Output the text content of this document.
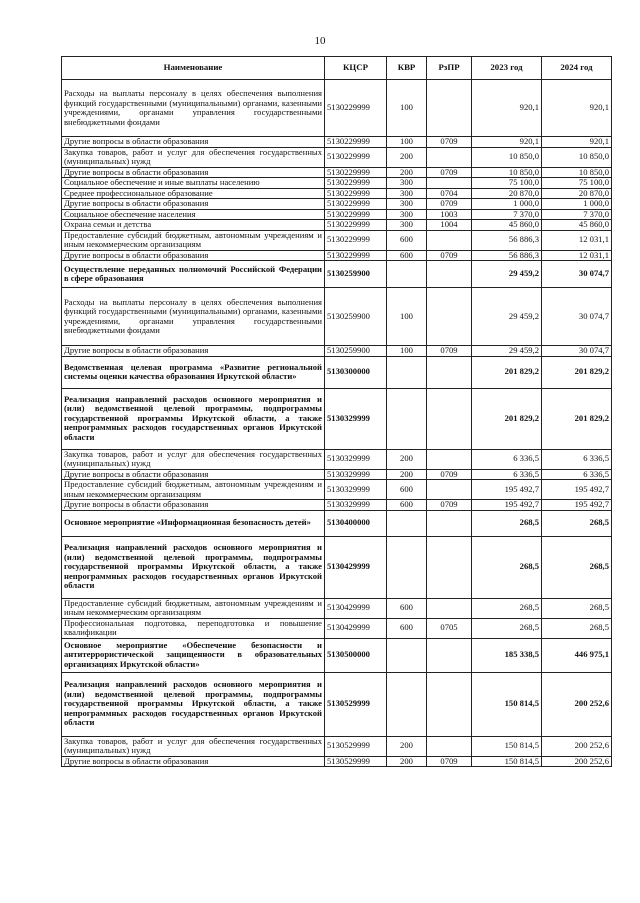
10
Наименование	КЦСР	КВР	РзПР	2023 год	2024 год
Расходы на выплаты персоналу в целях обеспечения выполнения функций государственными (муниципальными) органами, казенными учреждениями, органами управления государственными внебюджетными фондами	5130229999	100		920,1	920,1
Другие вопросы в области образования	5130229999	100	0709	920,1	920,1
Закупка товаров, работ и услуг для обеспечения государственных (муниципальных) нужд	5130229999	200		10 850,0	10 850,0
Другие вопросы в области образования	5130229999	200	0709	10 850,0	10 850,0
Социальное обеспечение и иные выплаты населению	5130229999	300		75 100,0	75 100,0
Среднее профессиональное образование	5130229999	300	0704	20 870,0	20 870,0
Другие вопросы в области образования	5130229999	300	0709	1 000,0	1 000,0
Социальное обеспечение населения	5130229999	300	1003	7 370,0	7 370,0
Охрана семьи и детства	5130229999	300	1004	45 860,0	45 860,0
Предоставление субсидий бюджетным, автономным учреждениям и иным некоммерческим организациям	5130229999	600		56 886,3	12 031,1
Другие вопросы в области образования	5130229999	600	0709	56 886,3	12 031,1
Осуществление переданных полномочий Российской Федерации в сфере образования	5130259900			29 459,2	30 074,7
Расходы на выплаты персоналу в целях обеспечения выполнения функций государственными (муниципальными) органами, казенными учреждениями, органами управления государственными внебюджетными фондами	5130259900	100		29 459,2	30 074,7
Другие вопросы в области образования	5130259900	100	0709	29 459,2	30 074,7
Ведомственная целевая программа «Развитие региональной системы оценки качества образования Иркутской области»	5130300000			201 829,2	201 829,2
Реализация направлений расходов основного мероприятия и (или) ведомственной целевой программы, подпрограммы государственной программы Иркутской области, а также непрограммных расходов государственных органов Иркутской области	5130329999			201 829,2	201 829,2
Закупка товаров, работ и услуг для обеспечения государственных (муниципальных) нужд	5130329999	200		6 336,5	6 336,5
Другие вопросы в области образования	5130329999	200	0709	6 336,5	6 336,5
Предоставление субсидий бюджетным, автономным учреждениям и иным некоммерческим организациям	5130329999	600		195 492,7	195 492,7
Другие вопросы в области образования	5130329999	600	0709	195 492,7	195 492,7
Основное мероприятие «Информационная безопасность детей»	5130400000			268,5	268,5
Реализация направлений расходов основного мероприятия и (или) ведомственной целевой программы, подпрограммы государственной программы Иркутской области, а также непрограммных расходов государственных органов Иркутской области	5130429999			268,5	268,5
Предоставление субсидий бюджетным, автономным учреждениям и иным некоммерческим организациям	5130429999	600		268,5	268,5
Профессиональная подготовка, переподготовка и повышение квалификации	5130429999	600	0705	268,5	268,5
Основное мероприятие «Обеспечение безопасности и антитеррористической защищенности в образовательных организациях Иркутской области»	5130500000			185 338,5	446 975,1
Реализация направлений расходов основного мероприятия и (или) ведомственной целевой программы, подпрограммы государственной программы Иркутской области, а также непрограммных расходов государственных органов Иркутской области	5130529999			150 814,5	200 252,6
Закупка товаров, работ и услуг для обеспечения государственных (муниципальных) нужд	5130529999	200		150 814,5	200 252,6
Другие вопросы в области образования	5130529999	200	0709	150 814,5	200 252,6
